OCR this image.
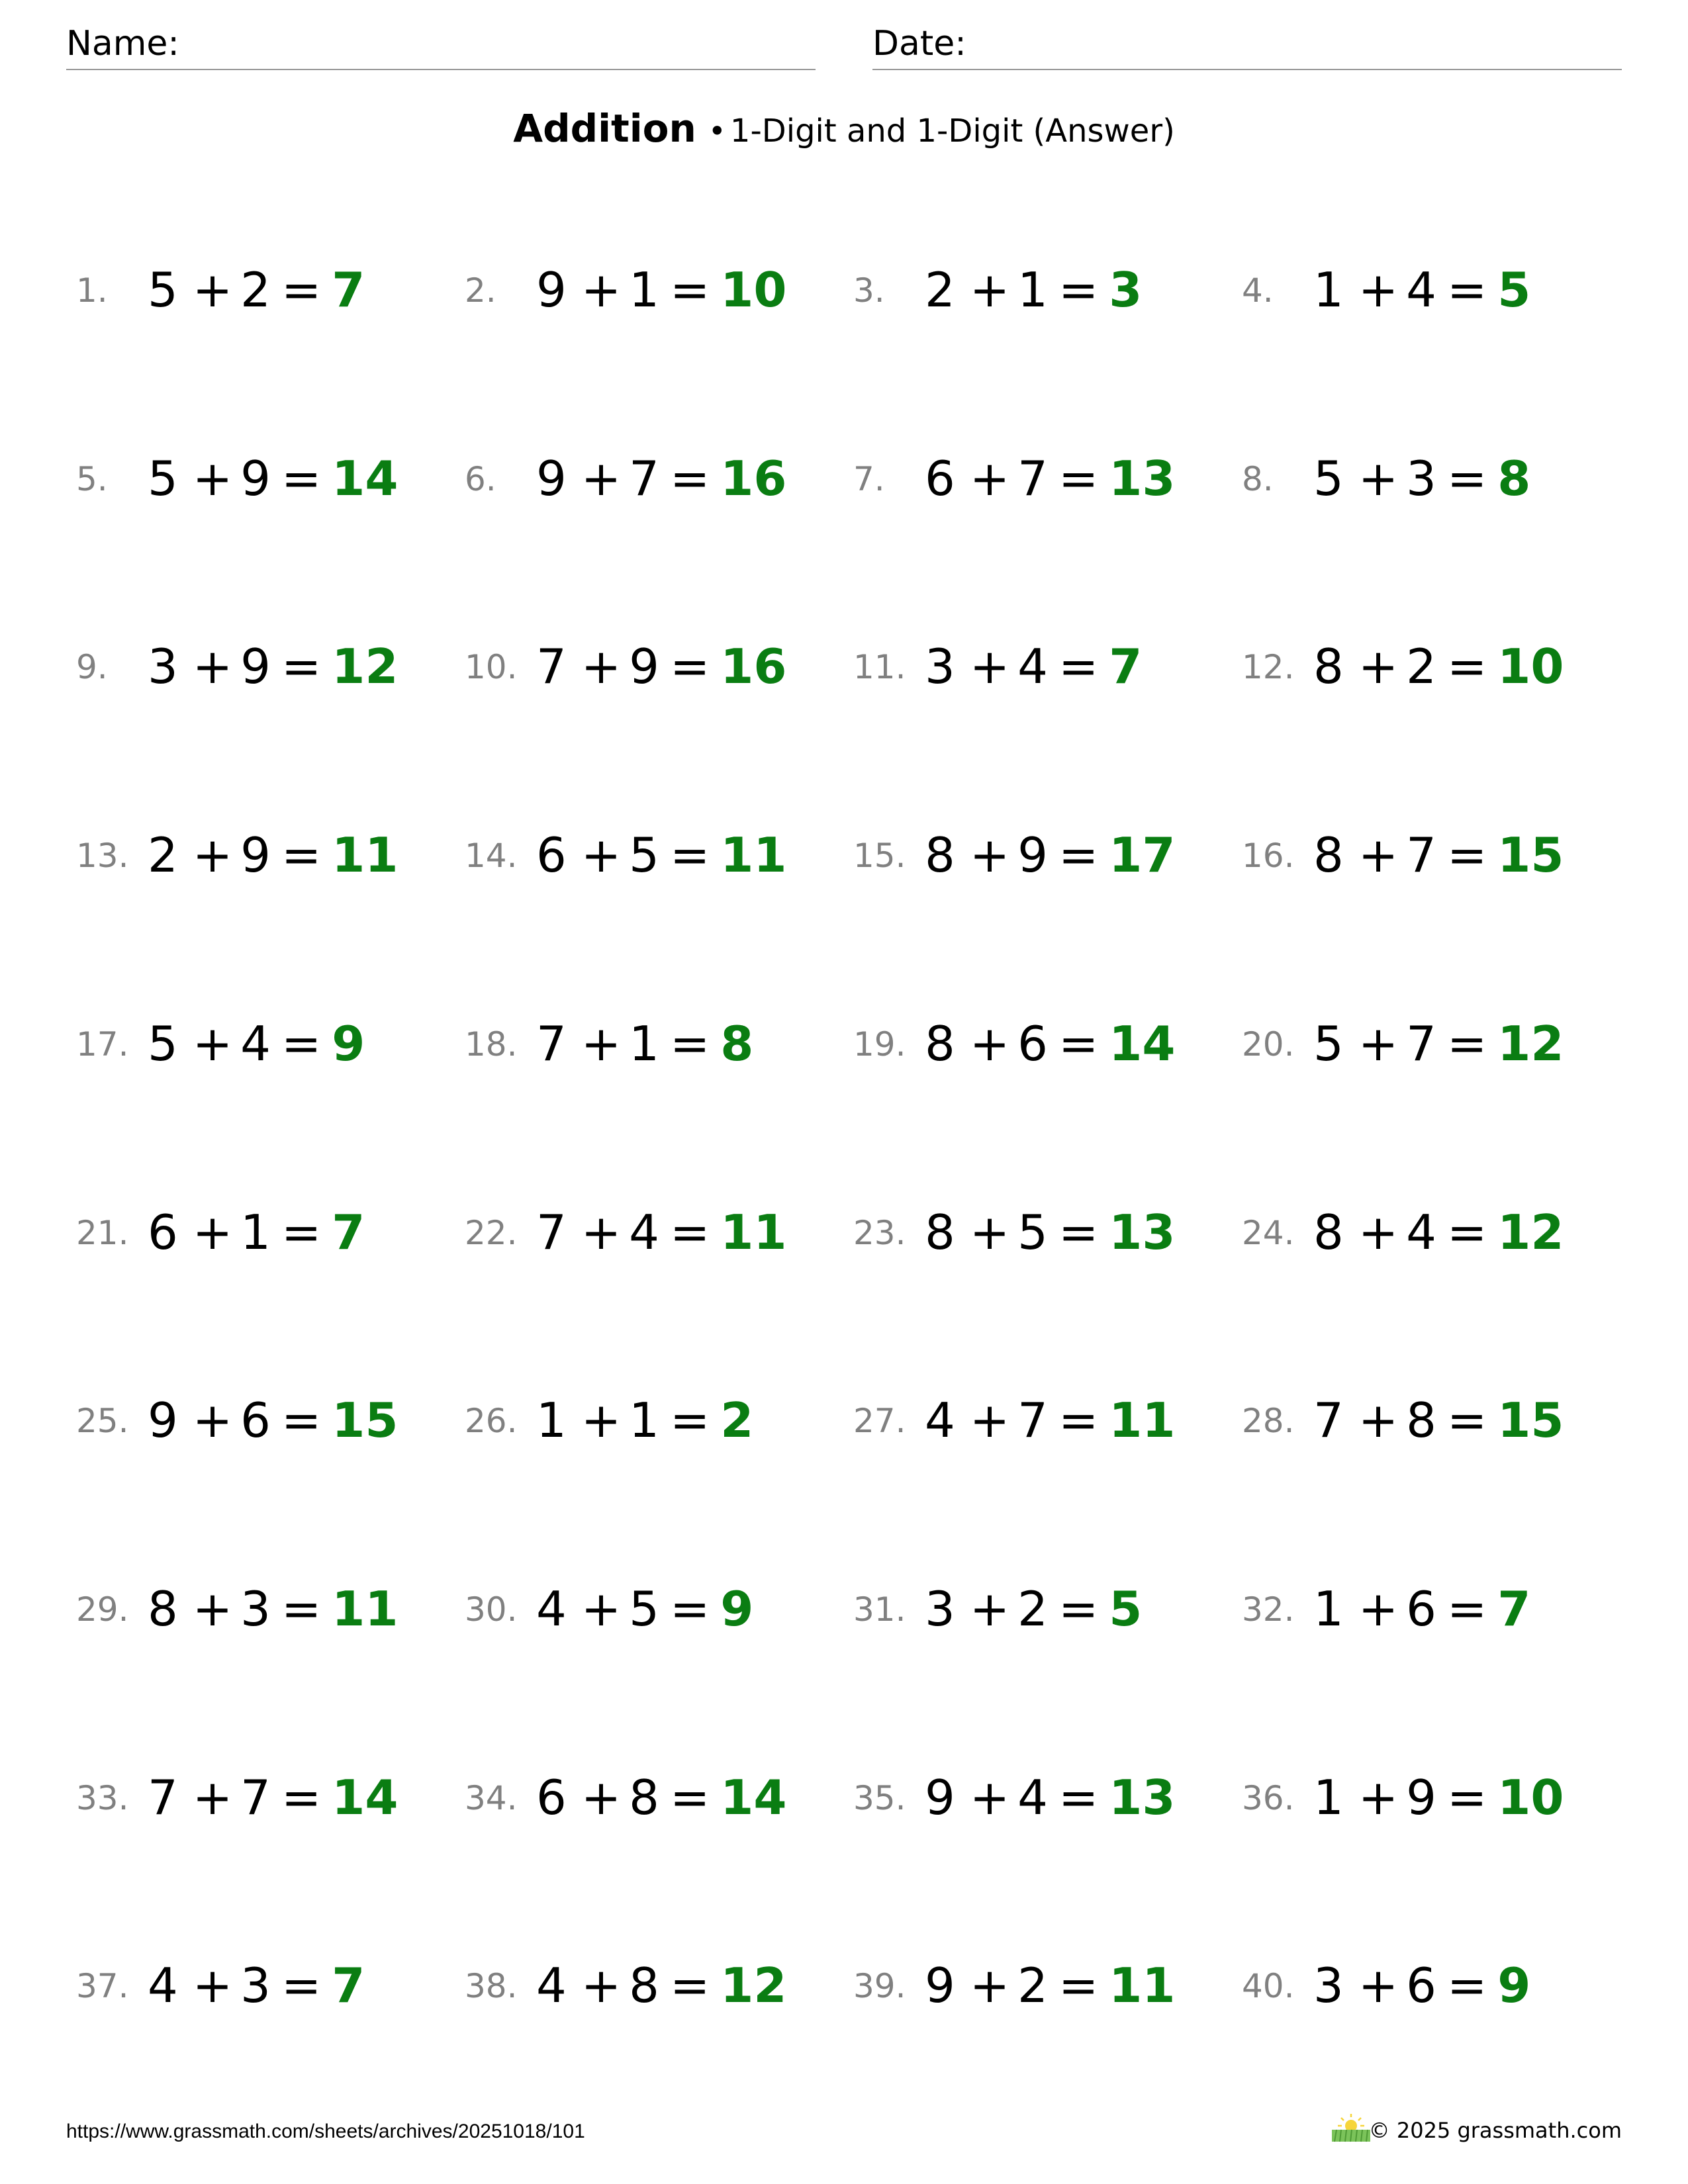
Name:	Date:
Addition • 1-Digit and 1-Digit (Answer)
1. 5 + 2 = 7	2. 9 + 1 = 10 3. 2 + 1 = 3	4. 1 + 4 = 5
5. 5 + 9 = 14 6. 9 + 7 = 16 7. 6 + 7 = 13 8. 5 + 3 = 8
9. 3 + 9 = 12 10. 7 + 9 = 16 11. 3 + 4 = 7	12. 8 + 2 = 10
13. 2 + 9 = 11 14. 6 + 5 = 11 15. 8 + 9 = 17 16. 8 + 7 = 15
17. 5 + 4 = 9	18. 7 + 1 = 8	19. 8 + 6 = 14 20. 5 + 7 = 12
21. 6 + 1 = 7	22. 7 + 4 = 11 23. 8 + 5 = 13 24. 8 + 4 = 12
25. 9 + 6 = 15 26. 1 + 1 = 2	27. 4 + 7 = 11 28. 7 + 8 = 15
29. 8 + 3 = 11 30. 4 + 5 = 9	31. 3 + 2 = 5	32. 1 + 6 = 7
33. 7 + 7 = 14 34. 6 + 8 = 14 35. 9 + 4 = 13 36. 1 + 9 = 10
37. 4 + 3 = 7	38. 4 + 8 = 12 39. 9 + 2 = 11 40. 3 + 6 = 9
https://www.grassmath.com/sheets/archives/20251018/101	© 2025 grassmath.com
